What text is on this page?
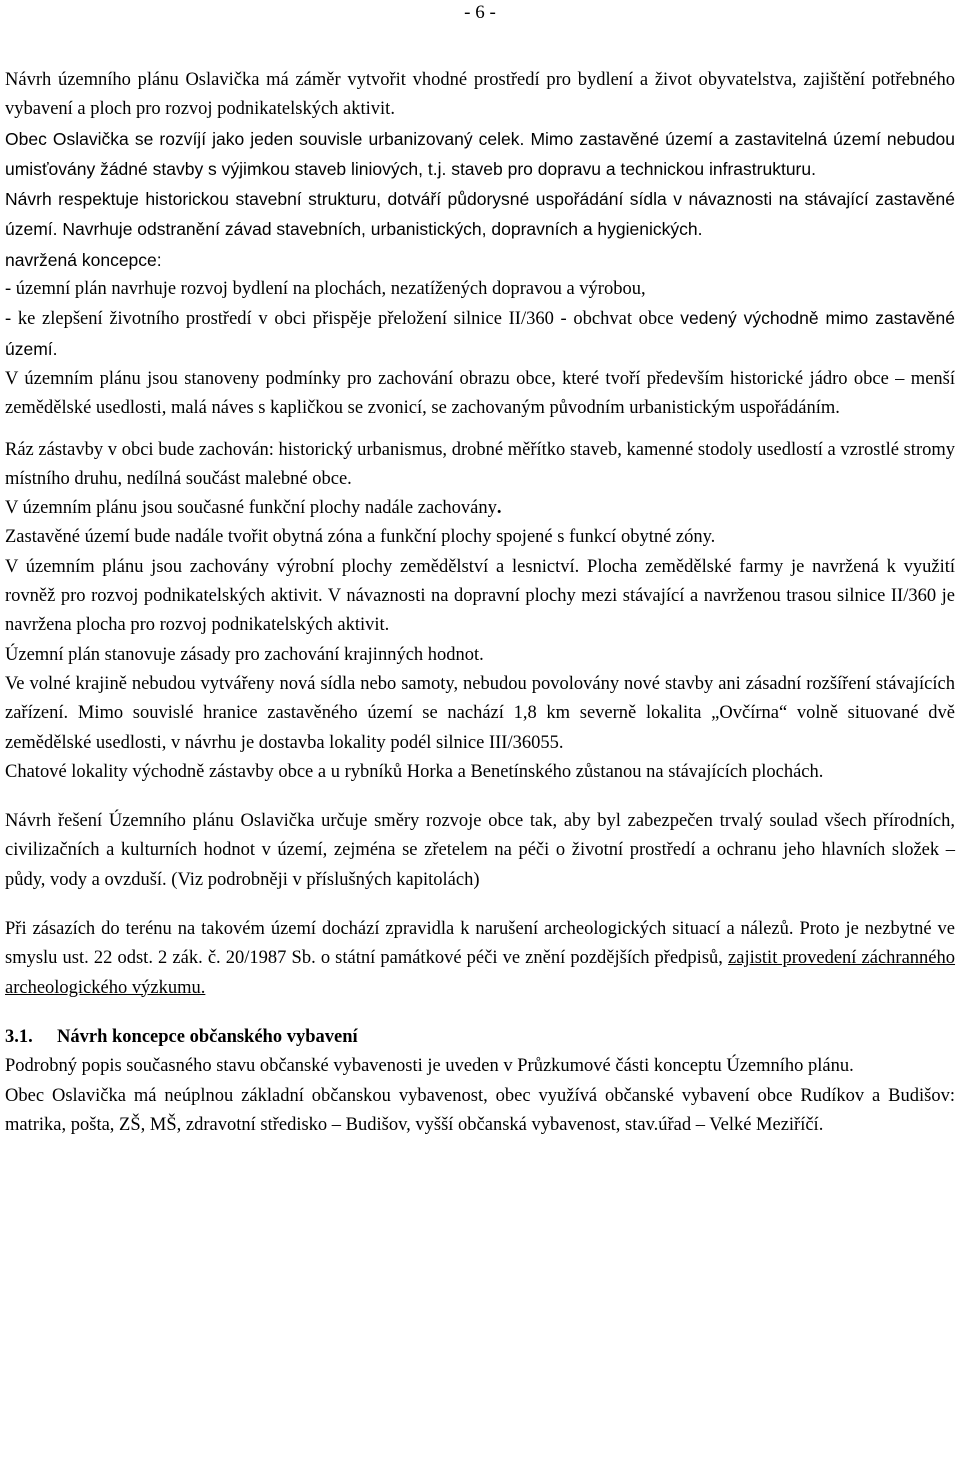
- 6 -

Návrh územního plánu Oslavička má záměr vytvořit vhodné prostředí pro bydlení a život obyvatelstva, zajištění potřebného vybavení a ploch pro rozvoj podnikatelských aktivit.

Obec Oslavička se rozvíjí jako jeden souvisle urbanizovaný celek. Mimo zastavěné území a zastavitelná území nebudou umisťovány žádné stavby s výjimkou staveb liniových, t.j. staveb pro dopravu a technickou infrastrukturu.

Návrh respektuje historickou stavební strukturu, dotváří půdorysné uspořádání sídla v návaznosti na stávající zastavěné území. Navrhuje odstranění závad stavebních, urbanistických, dopravních a hygienických.

navržená koncepce:

- územní plán navrhuje rozvoj bydlení na plochách, nezatížených dopravou a výrobou,

- ke zlepšení životního prostředí v obci přispěje přeložení silnice II/360 - obchvat obce vedený východně mimo zastavěné území.

V územním plánu jsou stanoveny podmínky pro zachování obrazu obce, které tvoří především historické jádro obce – menší zemědělské usedlosti, malá náves s kapličkou se zvonicí, se zachovaným původním urbanistickým uspořádáním.

Ráz zástavby v obci bude zachován: historický urbanismus, drobné měřítko staveb, kamenné stodoly usedlostí a vzrostlé stromy místního druhu, nedílná součást malebné obce.

V územním plánu jsou současné funkční plochy nadále zachovány.

Zastavěné území bude nadále tvořit obytná zóna a funkční plochy spojené s funkcí obytné zóny.

V územním plánu jsou zachovány výrobní plochy zemědělství a lesnictví. Plocha zemědělské farmy je navržená k využití rovněž pro rozvoj podnikatelských aktivit. V návaznosti na dopravní plochy mezi stávající a navrženou trasou silnice II/360 je navržena plocha pro rozvoj podnikatelských aktivit.

Územní plán stanovuje zásady pro zachování krajinných hodnot.

Ve volné krajině nebudou vytvářeny nová sídla nebo samoty, nebudou povolovány nové stavby ani zásadní rozšíření stávajících zařízení. Mimo souvislé hranice zastavěného území se nachází 1,8 km severně lokalita „Ovčírna“ volně situované dvě zemědělské usedlosti, v návrhu je dostavba lokality podél silnice III/36055.

Chatové lokality východně zástavby obce a u rybníků Horka a Benetínského zůstanou na stávajících plochách.

Návrh řešení Územního plánu Oslavička určuje směry rozvoje obce tak, aby byl zabezpečen trvalý soulad všech přírodních, civilizačních a kulturních hodnot v území, zejména se zřetelem na péči o životní prostředí a ochranu jeho hlavních složek – půdy, vody a ovzduší. (Viz podrobněji v příslušných kapitolách)

Při zásazích do terénu na takovém území dochází zpravidla k narušení archeologických situací a nálezů. Proto je nezbytné ve smyslu ust. 22 odst. 2 zák. č. 20/1987 Sb. o státní památkové péči ve znění pozdějších předpisů, zajistit provedení záchranného archeologického výzkumu.

3.1. Návrh koncepce občanského vybavení

Podrobný popis současného stavu občanské vybavenosti je uveden v Průzkumové části konceptu Územního plánu.

Obec Oslavička má neúplnou základní občanskou vybavenost, obec využívá občanské vybavení obce Rudíkov a Budišov: matrika, pošta, ZŠ, MŠ, zdravotní středisko – Budišov, vyšší občanská vybavenost, stav.úřad – Velké Meziříčí.
